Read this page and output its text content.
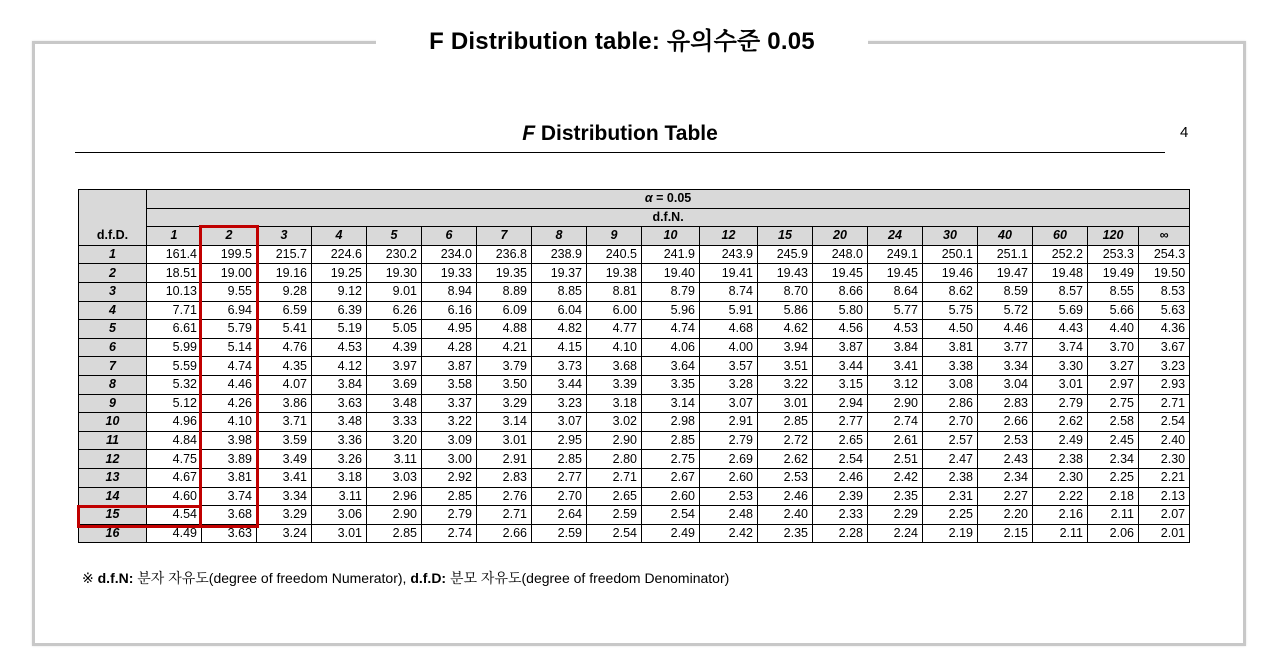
F Distribution table: 유의수준 0.05
F Distribution Table	4
d.f.D.	α = 0.05																		
	d.f.N.																		
	1	2	3	4	5	6	7	8	9	10	12	15	20	24	30	40	60	120	∞
1	161.4	199.5	215.7	224.6	230.2	234.0	236.8	238.9	240.5	241.9	243.9	245.9	248.0	249.1	250.1	251.1	252.2	253.3	254.3
2	18.51	19.00	19.16	19.25	19.30	19.33	19.35	19.37	19.38	19.40	19.41	19.43	19.45	19.45	19.46	19.47	19.48	19.49	19.50
3	10.13	9.55	9.28	9.12	9.01	8.94	8.89	8.85	8.81	8.79	8.74	8.70	8.66	8.64	8.62	8.59	8.57	8.55	8.53
4	7.71	6.94	6.59	6.39	6.26	6.16	6.09	6.04	6.00	5.96	5.91	5.86	5.80	5.77	5.75	5.72	5.69	5.66	5.63
5	6.61	5.79	5.41	5.19	5.05	4.95	4.88	4.82	4.77	4.74	4.68	4.62	4.56	4.53	4.50	4.46	4.43	4.40	4.36
6	5.99	5.14	4.76	4.53	4.39	4.28	4.21	4.15	4.10	4.06	4.00	3.94	3.87	3.84	3.81	3.77	3.74	3.70	3.67
7	5.59	4.74	4.35	4.12	3.97	3.87	3.79	3.73	3.68	3.64	3.57	3.51	3.44	3.41	3.38	3.34	3.30	3.27	3.23
8	5.32	4.46	4.07	3.84	3.69	3.58	3.50	3.44	3.39	3.35	3.28	3.22	3.15	3.12	3.08	3.04	3.01	2.97	2.93
9	5.12	4.26	3.86	3.63	3.48	3.37	3.29	3.23	3.18	3.14	3.07	3.01	2.94	2.90	2.86	2.83	2.79	2.75	2.71
10	4.96	4.10	3.71	3.48	3.33	3.22	3.14	3.07	3.02	2.98	2.91	2.85	2.77	2.74	2.70	2.66	2.62	2.58	2.54
11	4.84	3.98	3.59	3.36	3.20	3.09	3.01	2.95	2.90	2.85	2.79	2.72	2.65	2.61	2.57	2.53	2.49	2.45	2.40
12	4.75	3.89	3.49	3.26	3.11	3.00	2.91	2.85	2.80	2.75	2.69	2.62	2.54	2.51	2.47	2.43	2.38	2.34	2.30
13	4.67	3.81	3.41	3.18	3.03	2.92	2.83	2.77	2.71	2.67	2.60	2.53	2.46	2.42	2.38	2.34	2.30	2.25	2.21
14	4.60	3.74	3.34	3.11	2.96	2.85	2.76	2.70	2.65	2.60	2.53	2.46	2.39	2.35	2.31	2.27	2.22	2.18	2.13
15	4.54	3.68	3.29	3.06	2.90	2.79	2.71	2.64	2.59	2.54	2.48	2.40	2.33	2.29	2.25	2.20	2.16	2.11	2.07
16	4.49	3.63	3.24	3.01	2.85	2.74	2.66	2.59	2.54	2.49	2.42	2.35	2.28	2.24	2.19	2.15	2.11	2.06	2.01
※ d.f.N: 분자 자유도(degree of freedom Numerator), d.f.D: 분모 자유도(degree of freedom Denominator)
